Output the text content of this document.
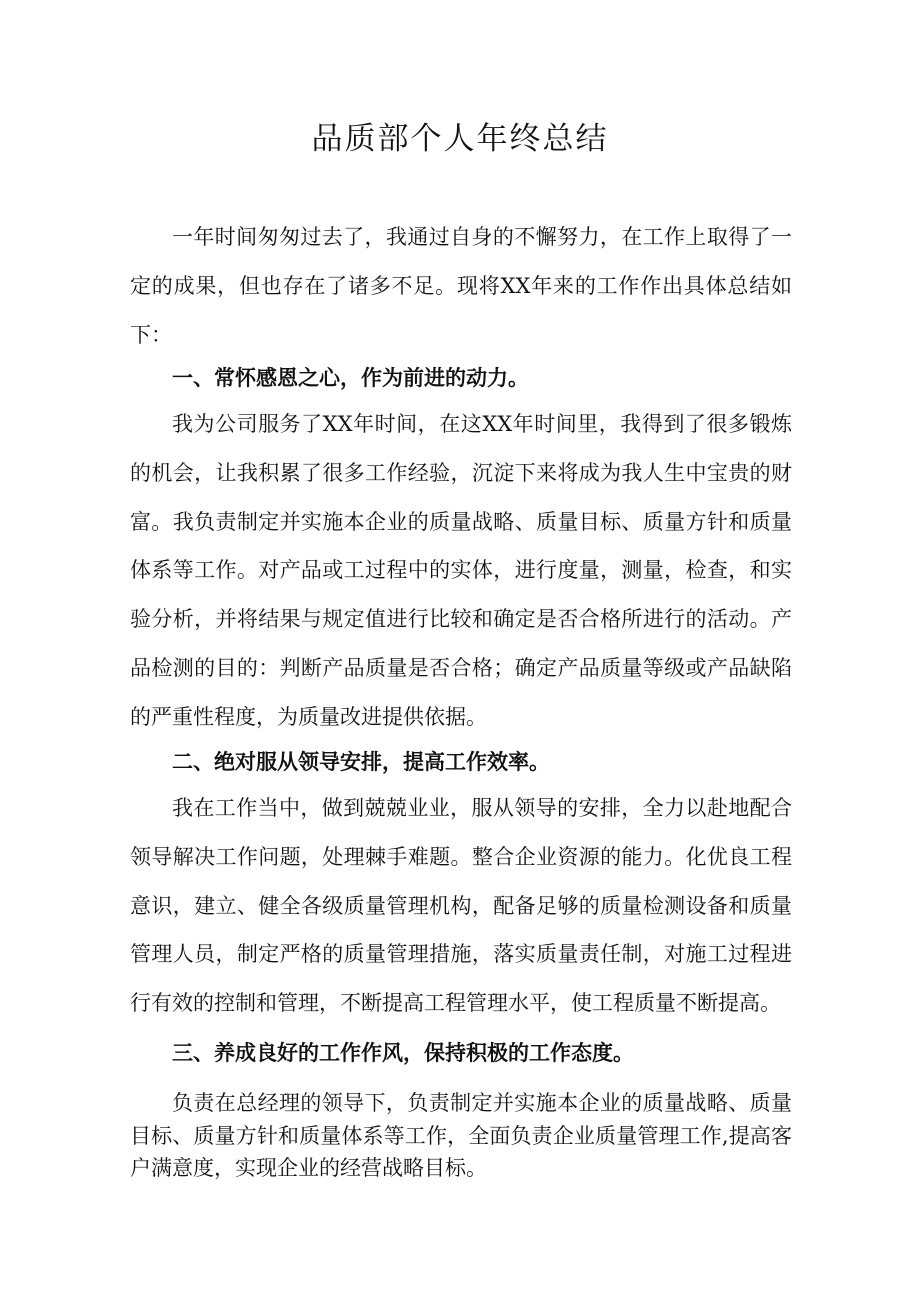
品质部个人年终总结

一年时间匆匆过去了，我通过自身的不懈努力，在工作上取得了一定的成果，但也存在了诸多不足。现将XX年来的工作作出具体总结如下：

一、常怀感恩之心，作为前进的动力。

我为公司服务了XX年时间，在这XX年时间里，我得到了很多锻炼的机会，让我积累了很多工作经验，沉淀下来将成为我人生中宝贵的财富。我负责制定并实施本企业的质量战略、质量目标、质量方针和质量体系等工作。对产品或工过程中的实体，进行度量，测量，检查，和实验分析，并将结果与规定值进行比较和确定是否合格所进行的活动。产品检测的目的：判断产品质量是否合格；确定产品质量等级或产品缺陷的严重性程度，为质量改进提供依据。

二、绝对服从领导安排，提高工作效率。

我在工作当中，做到兢兢业业，服从领导的安排，全力以赴地配合领导解决工作问题，处理棘手难题。整合企业资源的能力。化优良工程意识，建立、健全各级质量管理机构，配备足够的质量检测设备和质量管理人员，制定严格的质量管理措施，落实质量责任制，对施工过程进行有效的控制和管理，不断提高工程管理水平，使工程质量不断提高。

三、养成良好的工作作风，保持积极的工作态度。

负责在总经理的领导下，负责制定并实施本企业的质量战略、质量目标、质量方针和质量体系等工作，全面负责企业质量管理工作,提高客户满意度，实现企业的经营战略目标。
